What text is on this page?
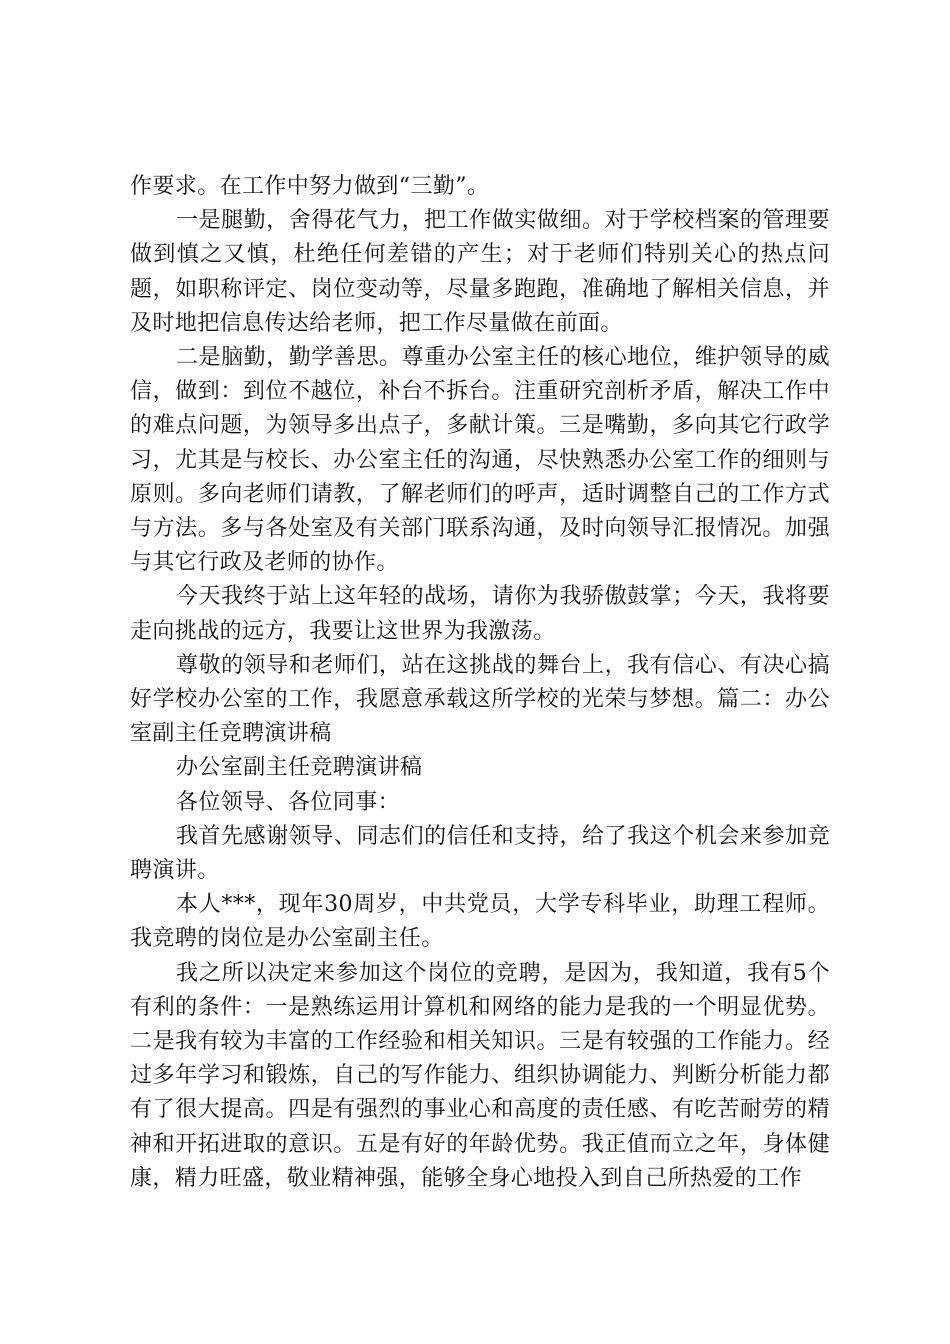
作要求。在工作中努力做到“三勤”。

一是腿勤，舍得花气力，把工作做实做细。对于学校档案的管理要做到慎之又慎，杜绝任何差错的产生；对于老师们特别关心的热点问题，如职称评定、岗位变动等，尽量多跑跑，准确地了解相关信息，并及时地把信息传达给老师，把工作尽量做在前面。

二是脑勤，勤学善思。尊重办公室主任的核心地位，维护领导的威信，做到：到位不越位，补台不拆台。注重研究剖析矛盾，解决工作中的难点问题，为领导多出点子，多献计策。三是嘴勤，多向其它行政学习，尤其是与校长、办公室主任的沟通，尽快熟悉办公室工作的细则与原则。多向老师们请教，了解老师们的呼声，适时调整自己的工作方式与方法。多与各处室及有关部门联系沟通，及时向领导汇报情况。加强与其它行政及老师的协作。

今天我终于站上这年轻的战场，请你为我骄傲鼓掌；今天，我将要走向挑战的远方，我要让这世界为我激荡。

尊敬的领导和老师们，站在这挑战的舞台上，我有信心、有决心搞好学校办公室的工作，我愿意承载这所学校的光荣与梦想。篇二：办公室副主任竞聘演讲稿

办公室副主任竞聘演讲稿

各位领导、各位同事：

我首先感谢领导、同志们的信任和支持，给了我这个机会来参加竞聘演讲。

本人***，现年30周岁，中共党员，大学专科毕业，助理工程师。我竞聘的岗位是办公室副主任。

我之所以决定来参加这个岗位的竞聘，是因为，我知道，我有5个有利的条件：一是熟练运用计算机和网络的能力是我的一个明显优势。二是我有较为丰富的工作经验和相关知识。三是有较强的工作能力。经过多年学习和锻炼，自己的写作能力、组织协调能力、判断分析能力都有了很大提高。四是有强烈的事业心和高度的责任感、有吃苦耐劳的精神和开拓进取的意识。五是有好的年龄优势。我正值而立之年，身体健康，精力旺盛，敬业精神强，能够全身心地投入到自己所热爱的工作
